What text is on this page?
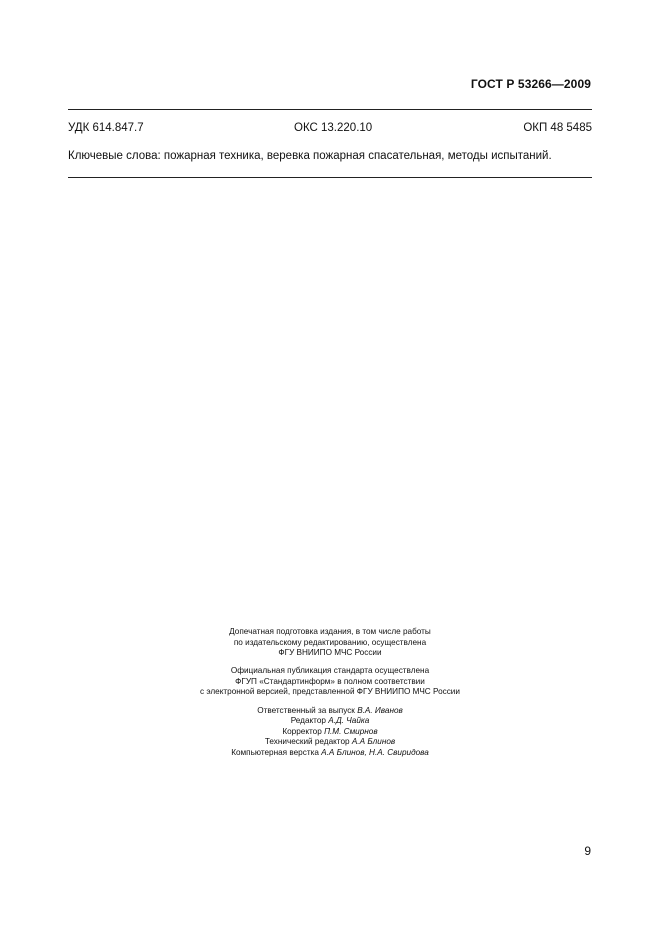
ГОСТ Р 53266—2009
УДК 614.847.7	ОКС 13.220.10	ОКП 48 5485
Ключевые слова: пожарная техника, веревка пожарная спасательная, методы испытаний.
Допечатная подготовка издания, в том числе работы
по издательскому редактированию, осуществлена
ФГУ ВНИИПО МЧС России
Официальная публикация стандарта осуществлена
ФГУП «Стандартинформ» в полном соответствии
с электронной версией, представленной ФГУ ВНИИПО МЧС России
Ответственный за выпуск В.А. Иванов
Редактор А.Д. Чайка
Корректор П.М. Смирнов
Технический редактор А.А Блинов
Компьютерная верстка А.А Блинов, Н.А. Свиридова
9
